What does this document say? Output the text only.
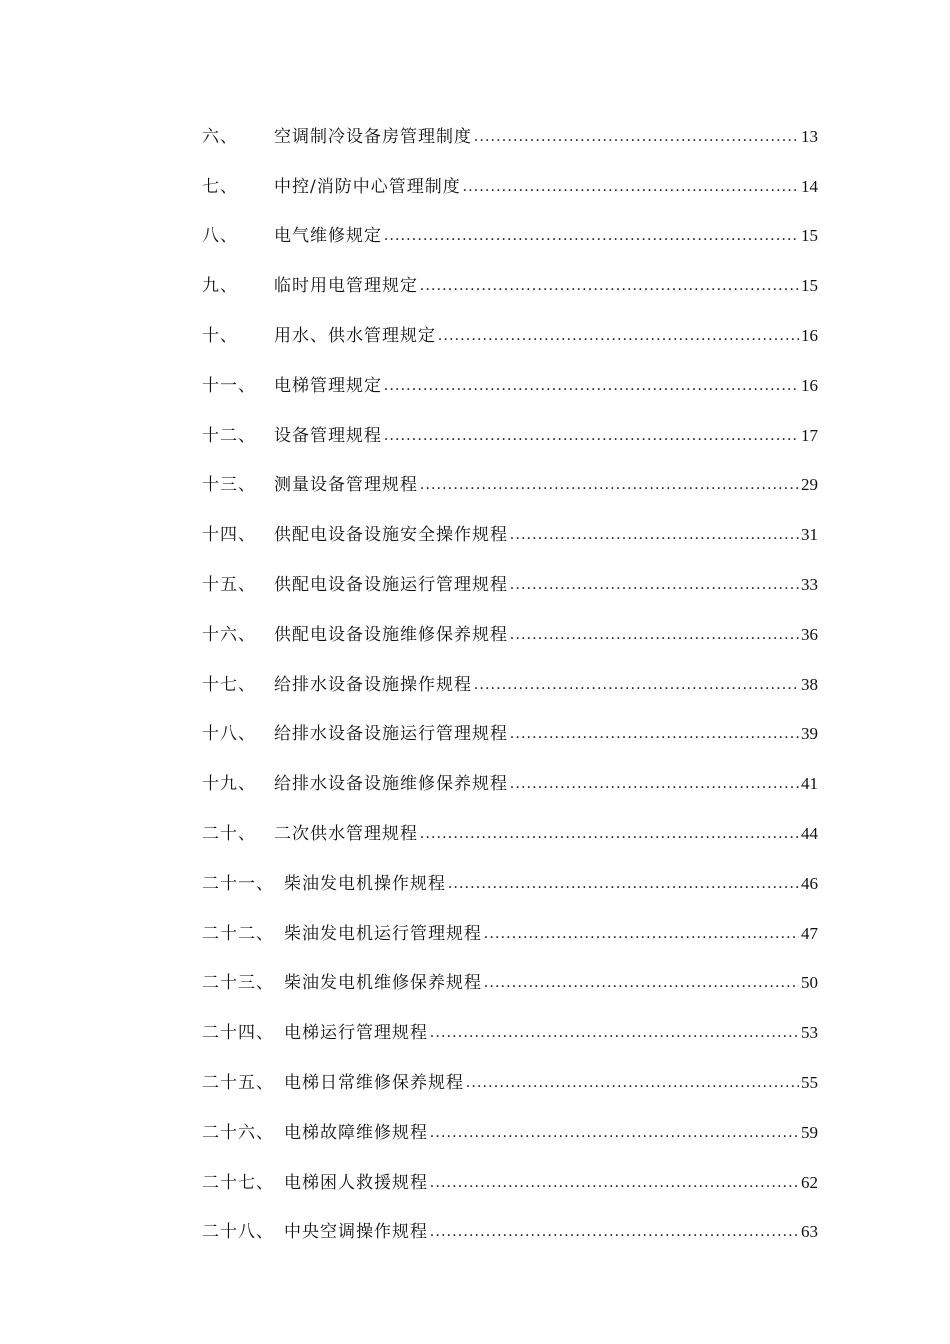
六、	空调制冷设备房管理制度 .....	13
七、	中控/消防中心管理制度 .....	14
八、	电气维修规定 .....	15
九、	临时用电管理规定 .....	15
十、	用水、供水管理规定 .....	16
十一、	电梯管理规定 .....	16
十二、	设备管理规程 .....	17
十三、	测量设备管理规程 .....	29
十四、	供配电设备设施安全操作规程 .....	31
十五、	供配电设备设施运行管理规程 .....	33
十六、	供配电设备设施维修保养规程 .....	36
十七、	给排水设备设施操作规程 .....	38
十八、	给排水设备设施运行管理规程 .....	39
十九、	给排水设备设施维修保养规程 .....	41
二十、	二次供水管理规程 .....	44
二十一、 柴油发电机操作规程 .....	46
二十二、 柴油发电机运行管理规程 .....	47
二十三、 柴油发电机维修保养规程 .....	50
二十四、 电梯运行管理规程 .....	53
二十五、 电梯日常维修保养规程 .....	55
二十六、 电梯故障维修规程 .....	59
二十七、 电梯困人救援规程 .....	62
二十八、 中央空调操作规程 .....	63
